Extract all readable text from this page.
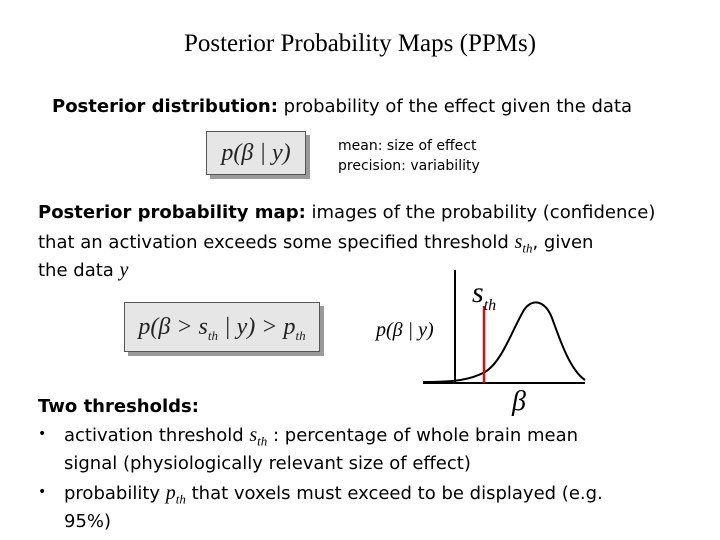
Posterior Probability Maps (PPMs)
Posterior distribution: probability of the effect given the data
p(β | y)	mean: size of effect
precision: variability
Posterior probability map: images of the probability (confidence)
that an activation exceeds some specified threshold $s_{th}$, given
the data y
$p(\beta > s_{th}$ | $y) > p_{th}$
$s_{th}$
p(β | y)
β
Two thresholds:
• activation threshold $s_{th}$ : percentage of whole brain mean
signal (physiologically relevant size of effect)
• probability $p_{th}$ that voxels must exceed to be displayed (e.g.
95%)
